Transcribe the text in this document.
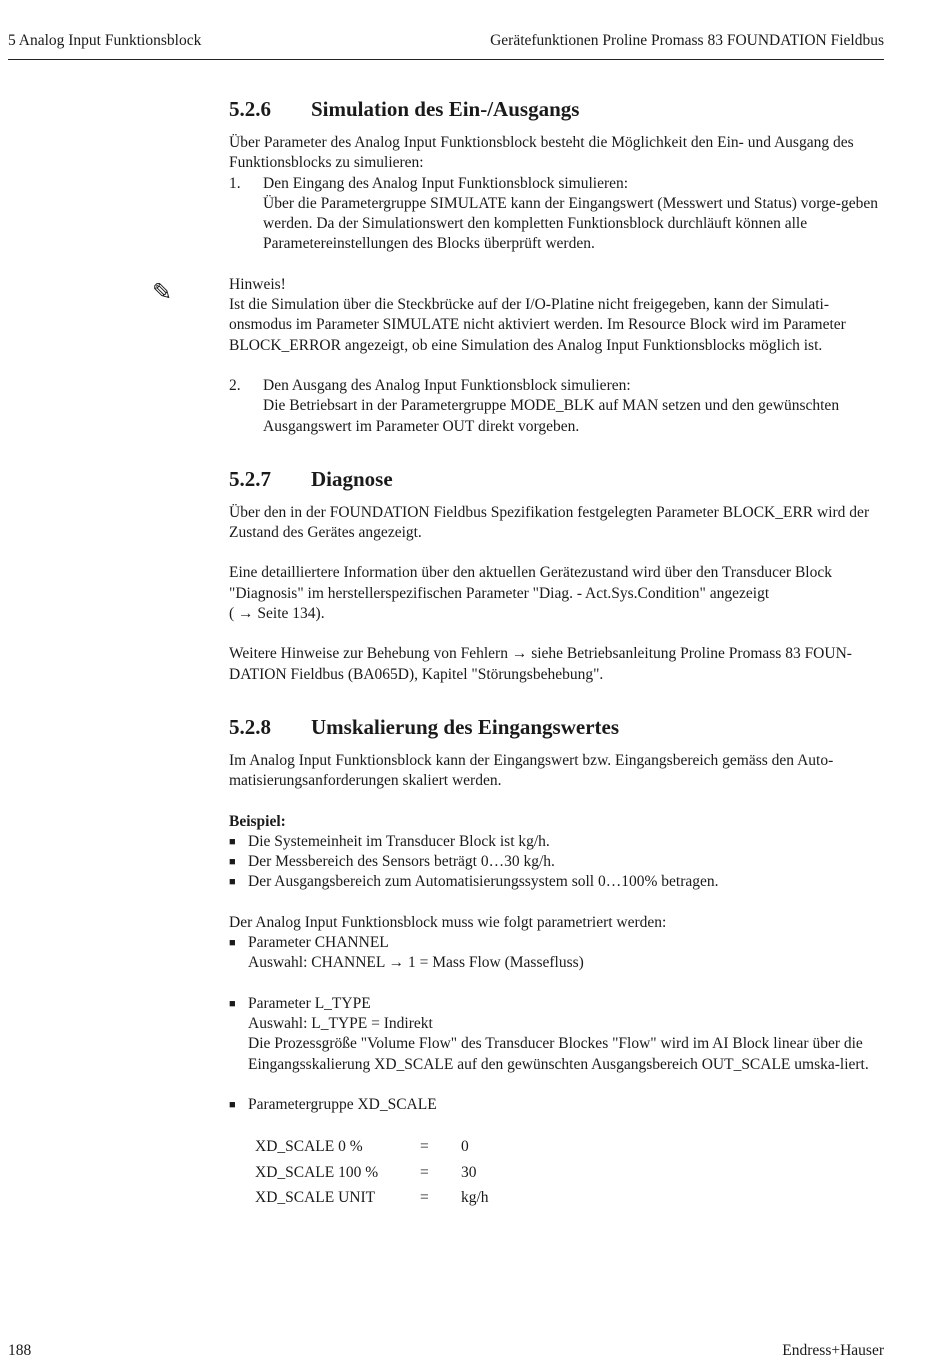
5 Analog Input Funktionsblock	Gerätefunktionen Proline Promass 83 FOUNDATION Fieldbus
✎
5.2.6 Simulation des Ein-/Ausgangs

Über Parameter des Analog Input Funktionsblock besteht die Möglichkeit den Ein- und Ausgang des Funktionsblocks zu simulieren:

1.	Den Eingang des Analog Input Funktionsblock simulieren:

Über die Parametergruppe SIMULATE kann der Eingangswert (Messwert und Status) vorge-geben werden. Da der Simulationswert den kompletten Funktionsblock durchläuft können alle Parametereinstellungen des Blocks überprüft werden.

Hinweis!

Ist die Simulation über die Steckbrücke auf der I/O-Platine nicht freigegeben, kann der Simulati-onsmodus im Parameter SIMULATE nicht aktiviert werden. Im Resource Block wird im Parameter BLOCK_ERROR angezeigt, ob eine Simulation des Analog Input Funktionsblocks möglich ist.

2.	Den Ausgang des Analog Input Funktionsblock simulieren:

Die Betriebsart in der Parametergruppe MODE_BLK auf MAN setzen und den gewünschten Ausgangswert im Parameter OUT direkt vorgeben.

5.2.7 Diagnose

Über den in der FOUNDATION Fieldbus Spezifikation festgelegten Parameter BLOCK_ERR wird der Zustand des Gerätes angezeigt.

Eine detailliertere Information über den aktuellen Gerätezustand wird über den Transducer Block "Diagnosis" im herstellerspezifischen Parameter "Diag. - Act.Sys.Condition" angezeigt

( → Seite 134).

Weitere Hinweise zur Behebung von Fehlern → siehe Betriebsanleitung Proline Promass 83 FOUN-DATION Fieldbus (BA065D), Kapitel "Störungsbehebung".

5.2.8 Umskalierung des Eingangswertes

Im Analog Input Funktionsblock kann der Eingangswert bzw. Eingangsbereich gemäss den Auto-matisierungsanforderungen skaliert werden.

Beispiel:

■ Die Systemeinheit im Transducer Block ist kg/h.
■ Der Messbereich des Sensors beträgt 0…30 kg/h.
■ Der Ausgangsbereich zum Automatisierungssystem soll 0…100% betragen.

Der Analog Input Funktionsblock muss wie folgt parametriert werden:

■ Parameter CHANNEL

Auswahl: CHANNEL → 1 = Mass Flow (Massefluss)

■ Parameter L_TYPE

Auswahl: L_TYPE = Indirekt

Die Prozessgröße "Volume Flow" des Transducer Blockes "Flow" wird im AI Block linear über die Eingangsskalierung XD_SCALE auf den gewünschten Ausgangsbereich OUT_SCALE umska-liert.

■ Parametergruppe XD_SCALE

XD_SCALE 0 %	=	0
XD_SCALE 100 %	=	30
XD_SCALE UNIT	=	kg/h
188	Endress+Hauser
